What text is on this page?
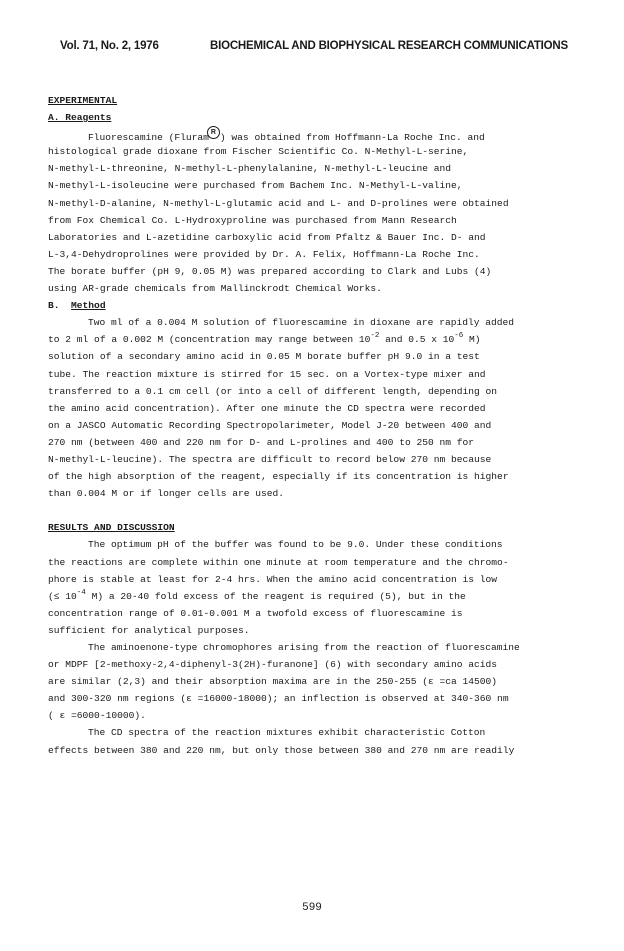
Vol. 71, No. 2, 1976	BIOCHEMICAL AND BIOPHYSICAL RESEARCH COMMUNICATIONS
EXPERIMENTAL
A. Reagents
Fluorescamine (Fluram R ) was obtained from Hoffmann-La Roche Inc. and
histological grade dioxane from Fischer Scientific Co. N-Methyl-L-serine,
N-methyl-L-threonine, N-methyl-L-phenylalanine, N-methyl-L-leucine and
N-methyl-L-isoleucine were purchased from Bachem Inc. N-Methyl-L-valine,
N-methyl-D-alanine, N-methyl-L-glutamic acid and L- and D-prolines were obtained
from Fox Chemical Co. L-Hydroxyproline was purchased from Mann Research
Laboratories and L-azetidine carboxylic acid from Pfaltz & Bauer Inc. D- and
L-3,4-Dehydroprolines were provided by Dr. A. Felix, Hoffmann-La Roche Inc.
The borate buffer (pH 9, 0.05 M) was prepared according to Clark and Lubs (4)
using AR-grade chemicals from Mallinckrodt Chemical Works.
B.  Method
Two ml of a 0.004 M solution of fluorescamine in dioxane are rapidly added
to 2 ml of a 0.002 M (concentration may range between $10^{-2}$ and 0.5 x $10^{-6}$ M)
solution of a secondary amino acid in 0.05 M borate buffer pH 9.0 in a test
tube. The reaction mixture is stirred for 15 sec. on a Vortex-type mixer and
transferred to a 0.1 cm cell (or into a cell of different length, depending on
the amino acid concentration). After one minute the CD spectra were recorded
on a JASCO Automatic Recording Spectropolarimeter, Model J-20 between 400 and
270 nm (between 400 and 220 nm for D- and L-prolines and 400 to 250 nm for
N-methyl-L-leucine). The spectra are difficult to record below 270 nm because
of the high absorption of the reagent, especially if its concentration is higher
than 0.004 M or if longer cells are used.
RESULTS AND DISCUSSION
The optimum pH of the buffer was found to be 9.0. Under these conditions
the reactions are complete within one minute at room temperature and the chromo-
phore is stable at least for 2-4 hrs. When the amino acid concentration is low
(≤ $10^{-4}$ M) a 20-40 fold excess of the reagent is required (5), but in the
concentration range of 0.01-0.001 M a twofold excess of fluorescamine is
sufficient for analytical purposes.
The aminoenone-type chromophores arising from the reaction of fluorescamine
or MDPF [2-methoxy-2,4-diphenyl-3(2H)-furanone] (6) with secondary amino acids
are similar (2,3) and their absorption maxima are in the 250-255 (ε =ca 14500)
and 300-320 nm regions (ε =16000-18000); an inflection is observed at 340-360 nm
( ε =6000-10000).
The CD spectra of the reaction mixtures exhibit characteristic Cotton
effects between 380 and 220 nm, but only those between 380 and 270 nm are readily
599
